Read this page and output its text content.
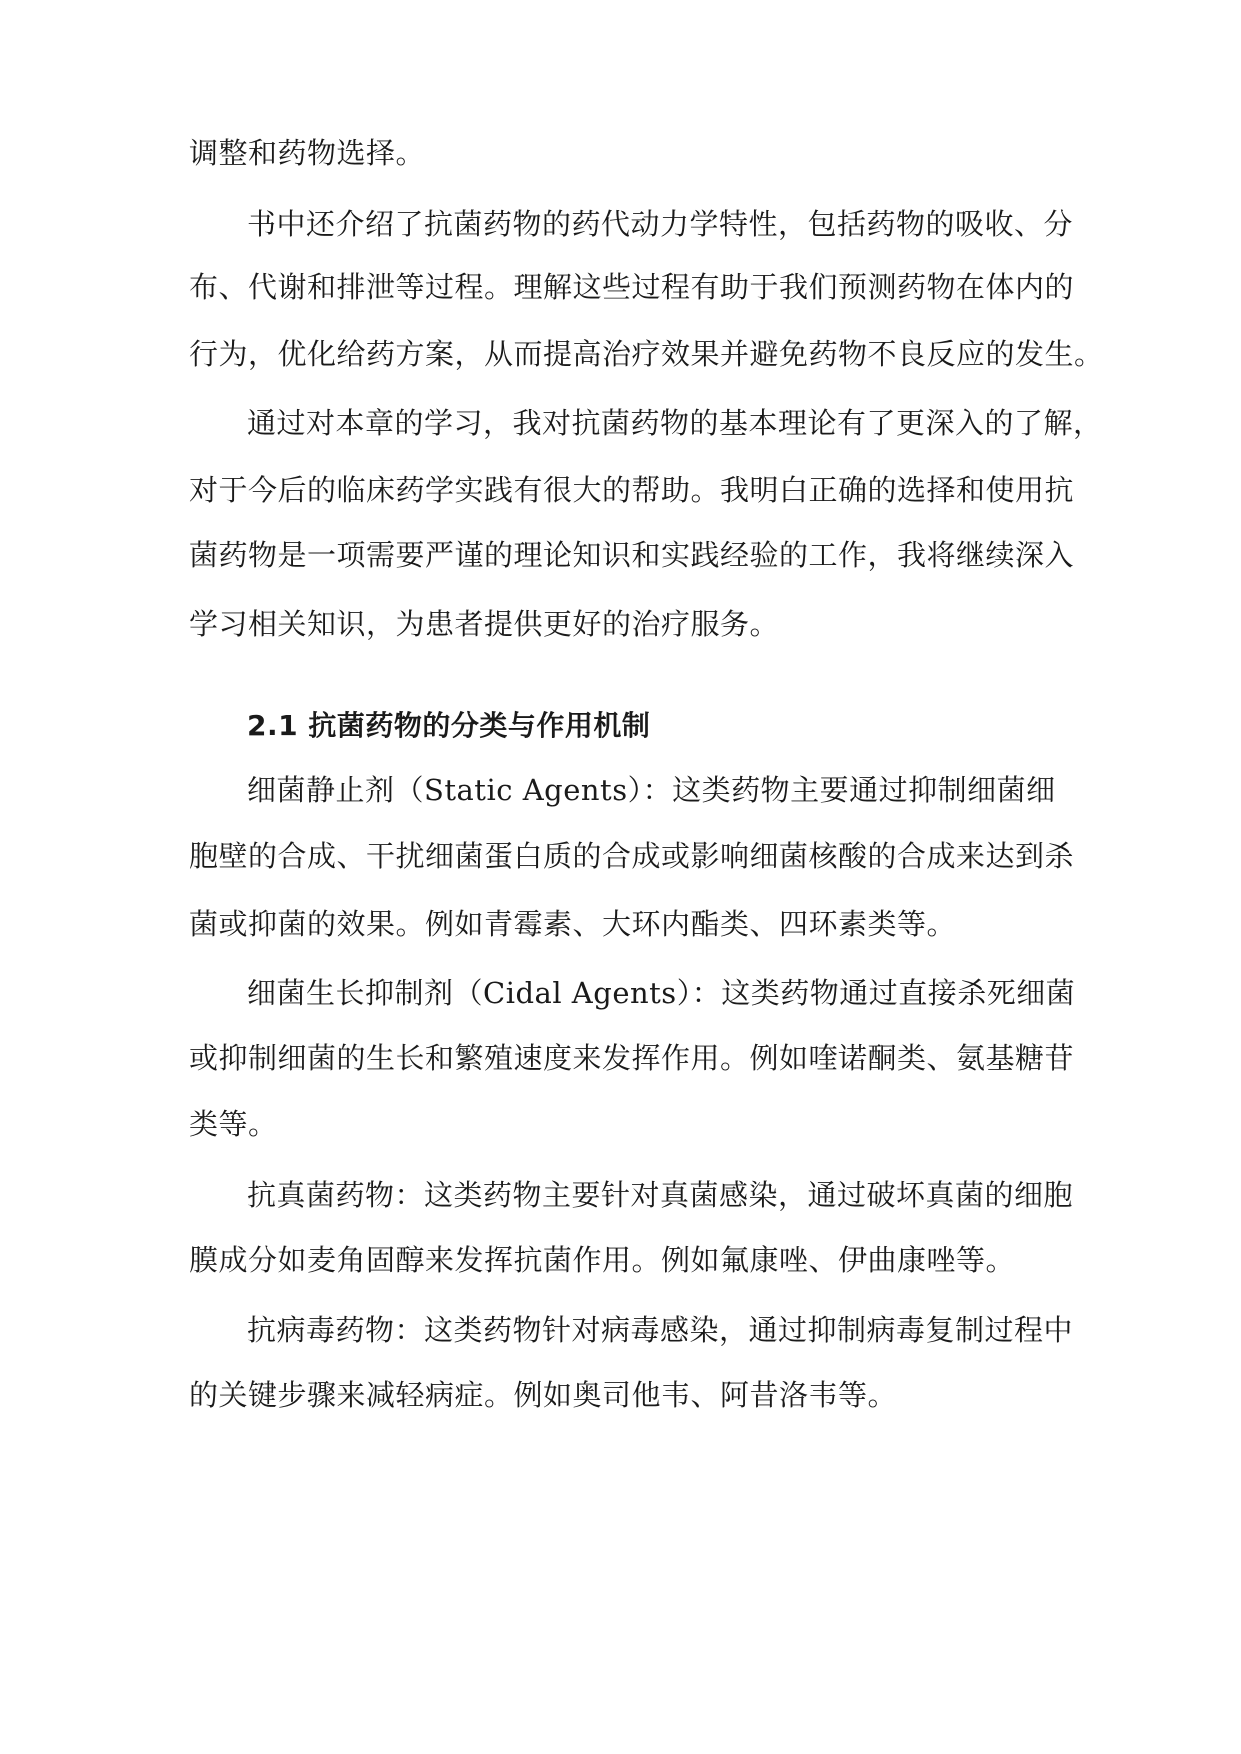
调整和药物选择。
书中还介绍了抗菌药物的药代动力学特性，包括药物的吸收、分
布、代谢和排泄等过程。理解这些过程有助于我们预测药物在体内的
行为，优化给药方案，从而提高治疗效果并避免药物不良反应的发生。
通过对本章的学习，我对抗菌药物的基本理论有了更深入的了解，
对于今后的临床药学实践有很大的帮助。我明白正确的选择和使用抗
菌药物是一项需要严谨的理论知识和实践经验的工作，我将继续深入
学习相关知识，为患者提供更好的治疗服务。
2.1 抗菌药物的分类与作用机制
细菌静止剂（Static Agents）：这类药物主要通过抑制细菌细
胞壁的合成、干扰细菌蛋白质的合成或影响细菌核酸的合成来达到杀
菌或抑菌的效果。例如青霉素、大环内酯类、四环素类等。
细菌生长抑制剂（Cidal Agents）：这类药物通过直接杀死细菌
或抑制细菌的生长和繁殖速度来发挥作用。例如喹诺酮类、氨基糖苷
类等。
抗真菌药物：这类药物主要针对真菌感染，通过破坏真菌的细胞
膜成分如麦角固醇来发挥抗菌作用。例如氟康唑、伊曲康唑等。
抗病毒药物：这类药物针对病毒感染，通过抑制病毒复制过程中
的关键步骤来减轻病症。例如奥司他韦、阿昔洛韦等。
